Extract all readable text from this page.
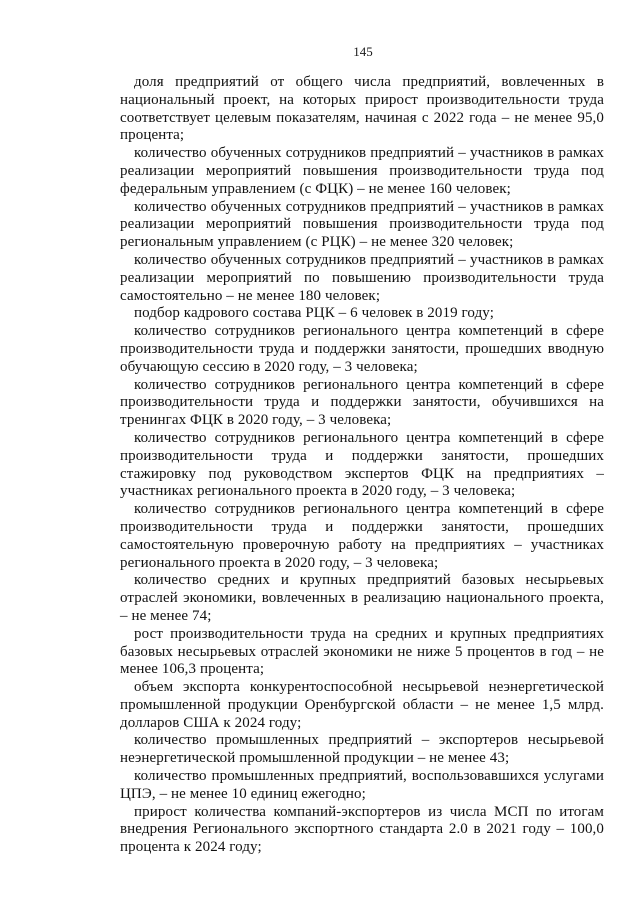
145

доля предприятий от общего числа предприятий, вовлеченных в национальный проект, на которых прирост производительности труда соответствует целевым показателям, начиная с 2022 года – не менее 95,0 процента;

количество обученных сотрудников предприятий – участников в рамках реализации мероприятий повышения производительности труда под федеральным управлением (с ФЦК) – не менее 160 человек;

количество обученных сотрудников предприятий – участников в рамках реализации мероприятий повышения производительности труда под региональным управлением (с РЦК) – не менее 320 человек;

количество обученных сотрудников предприятий – участников в рамках реализации мероприятий по повышению производительности труда самостоятельно – не менее 180 человек;

подбор кадрового состава РЦК – 6 человек в 2019 году;

количество сотрудников регионального центра компетенций в сфере производительности труда и поддержки занятости, прошедших вводную обучающую сессию в 2020 году, – 3 человека;

количество сотрудников регионального центра компетенций в сфере производительности труда и поддержки занятости, обучившихся на тренингах ФЦК в 2020 году, – 3 человека;

количество сотрудников регионального центра компетенций в сфере производительности труда и поддержки занятости, прошедших стажировку под руководством экспертов ФЦК на предприятиях – участниках регионального проекта в 2020 году, – 3 человека;

количество сотрудников регионального центра компетенций в сфере производительности труда и поддержки занятости, прошедших самостоятельную проверочную работу на предприятиях – участниках регионального проекта в 2020 году, – 3 человека;

количество средних и крупных предприятий базовых несырьевых отраслей экономики, вовлеченных в реализацию национального проекта, – не менее 74;

рост производительности труда на средних и крупных предприятиях базовых несырьевых отраслей экономики не ниже 5 процентов в год – не менее 106,3 процента;

объем экспорта конкурентоспособной несырьевой неэнергетической промышленной продукции Оренбургской области – не менее 1,5 млрд. долларов США к 2024 году;

количество промышленных предприятий – экспортеров несырьевой неэнергетической промышленной продукции – не менее 43;

количество промышленных предприятий, воспользовавшихся услугами ЦПЭ, – не менее 10 единиц ежегодно;

прирост количества компаний-экспортеров из числа МСП по итогам внедрения Регионального экспортного стандарта 2.0 в 2021 году – 100,0 процента к 2024 году;
